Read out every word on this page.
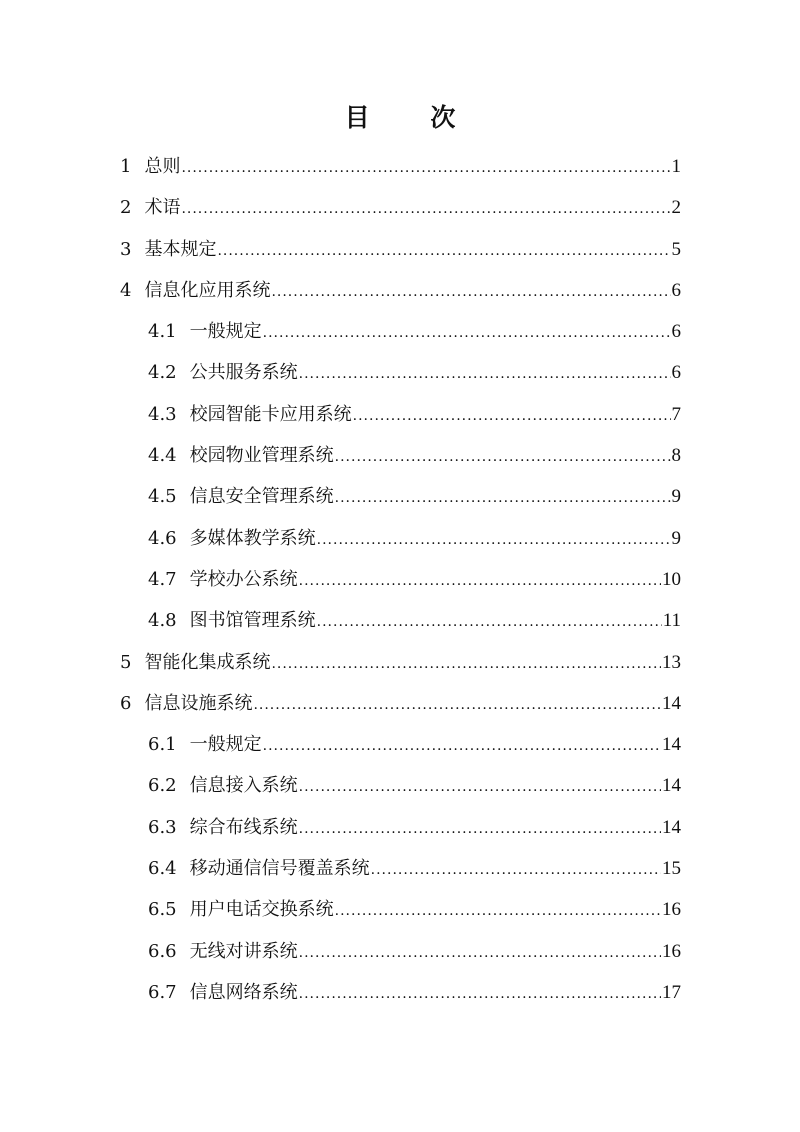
目 次
1 总则 .....	1
2 术语 .....	2
3 基本规定 .....	5
4 信息化应用系统 .....	6
4.1 一般规定 .....	6
4.2 公共服务系统 .....	6
4.3 校园智能卡应用系统 .....	7
4.4 校园物业管理系统 .....	8
4.5 信息安全管理系统 .....	9
4.6 多媒体教学系统 .....	9
4.7 学校办公系统 .....	10
4.8 图书馆管理系统 .....	11
5 智能化集成系统 .....	13
6 信息设施系统 .....	14
6.1 一般规定 .....	14
6.2 信息接入系统 .....	14
6.3 综合布线系统 .....	14
6.4 移动通信信号覆盖系统 .....	15
6.5 用户电话交换系统 .....	16
6.6 无线对讲系统 .....	16
6.7 信息网络系统 .....	17
